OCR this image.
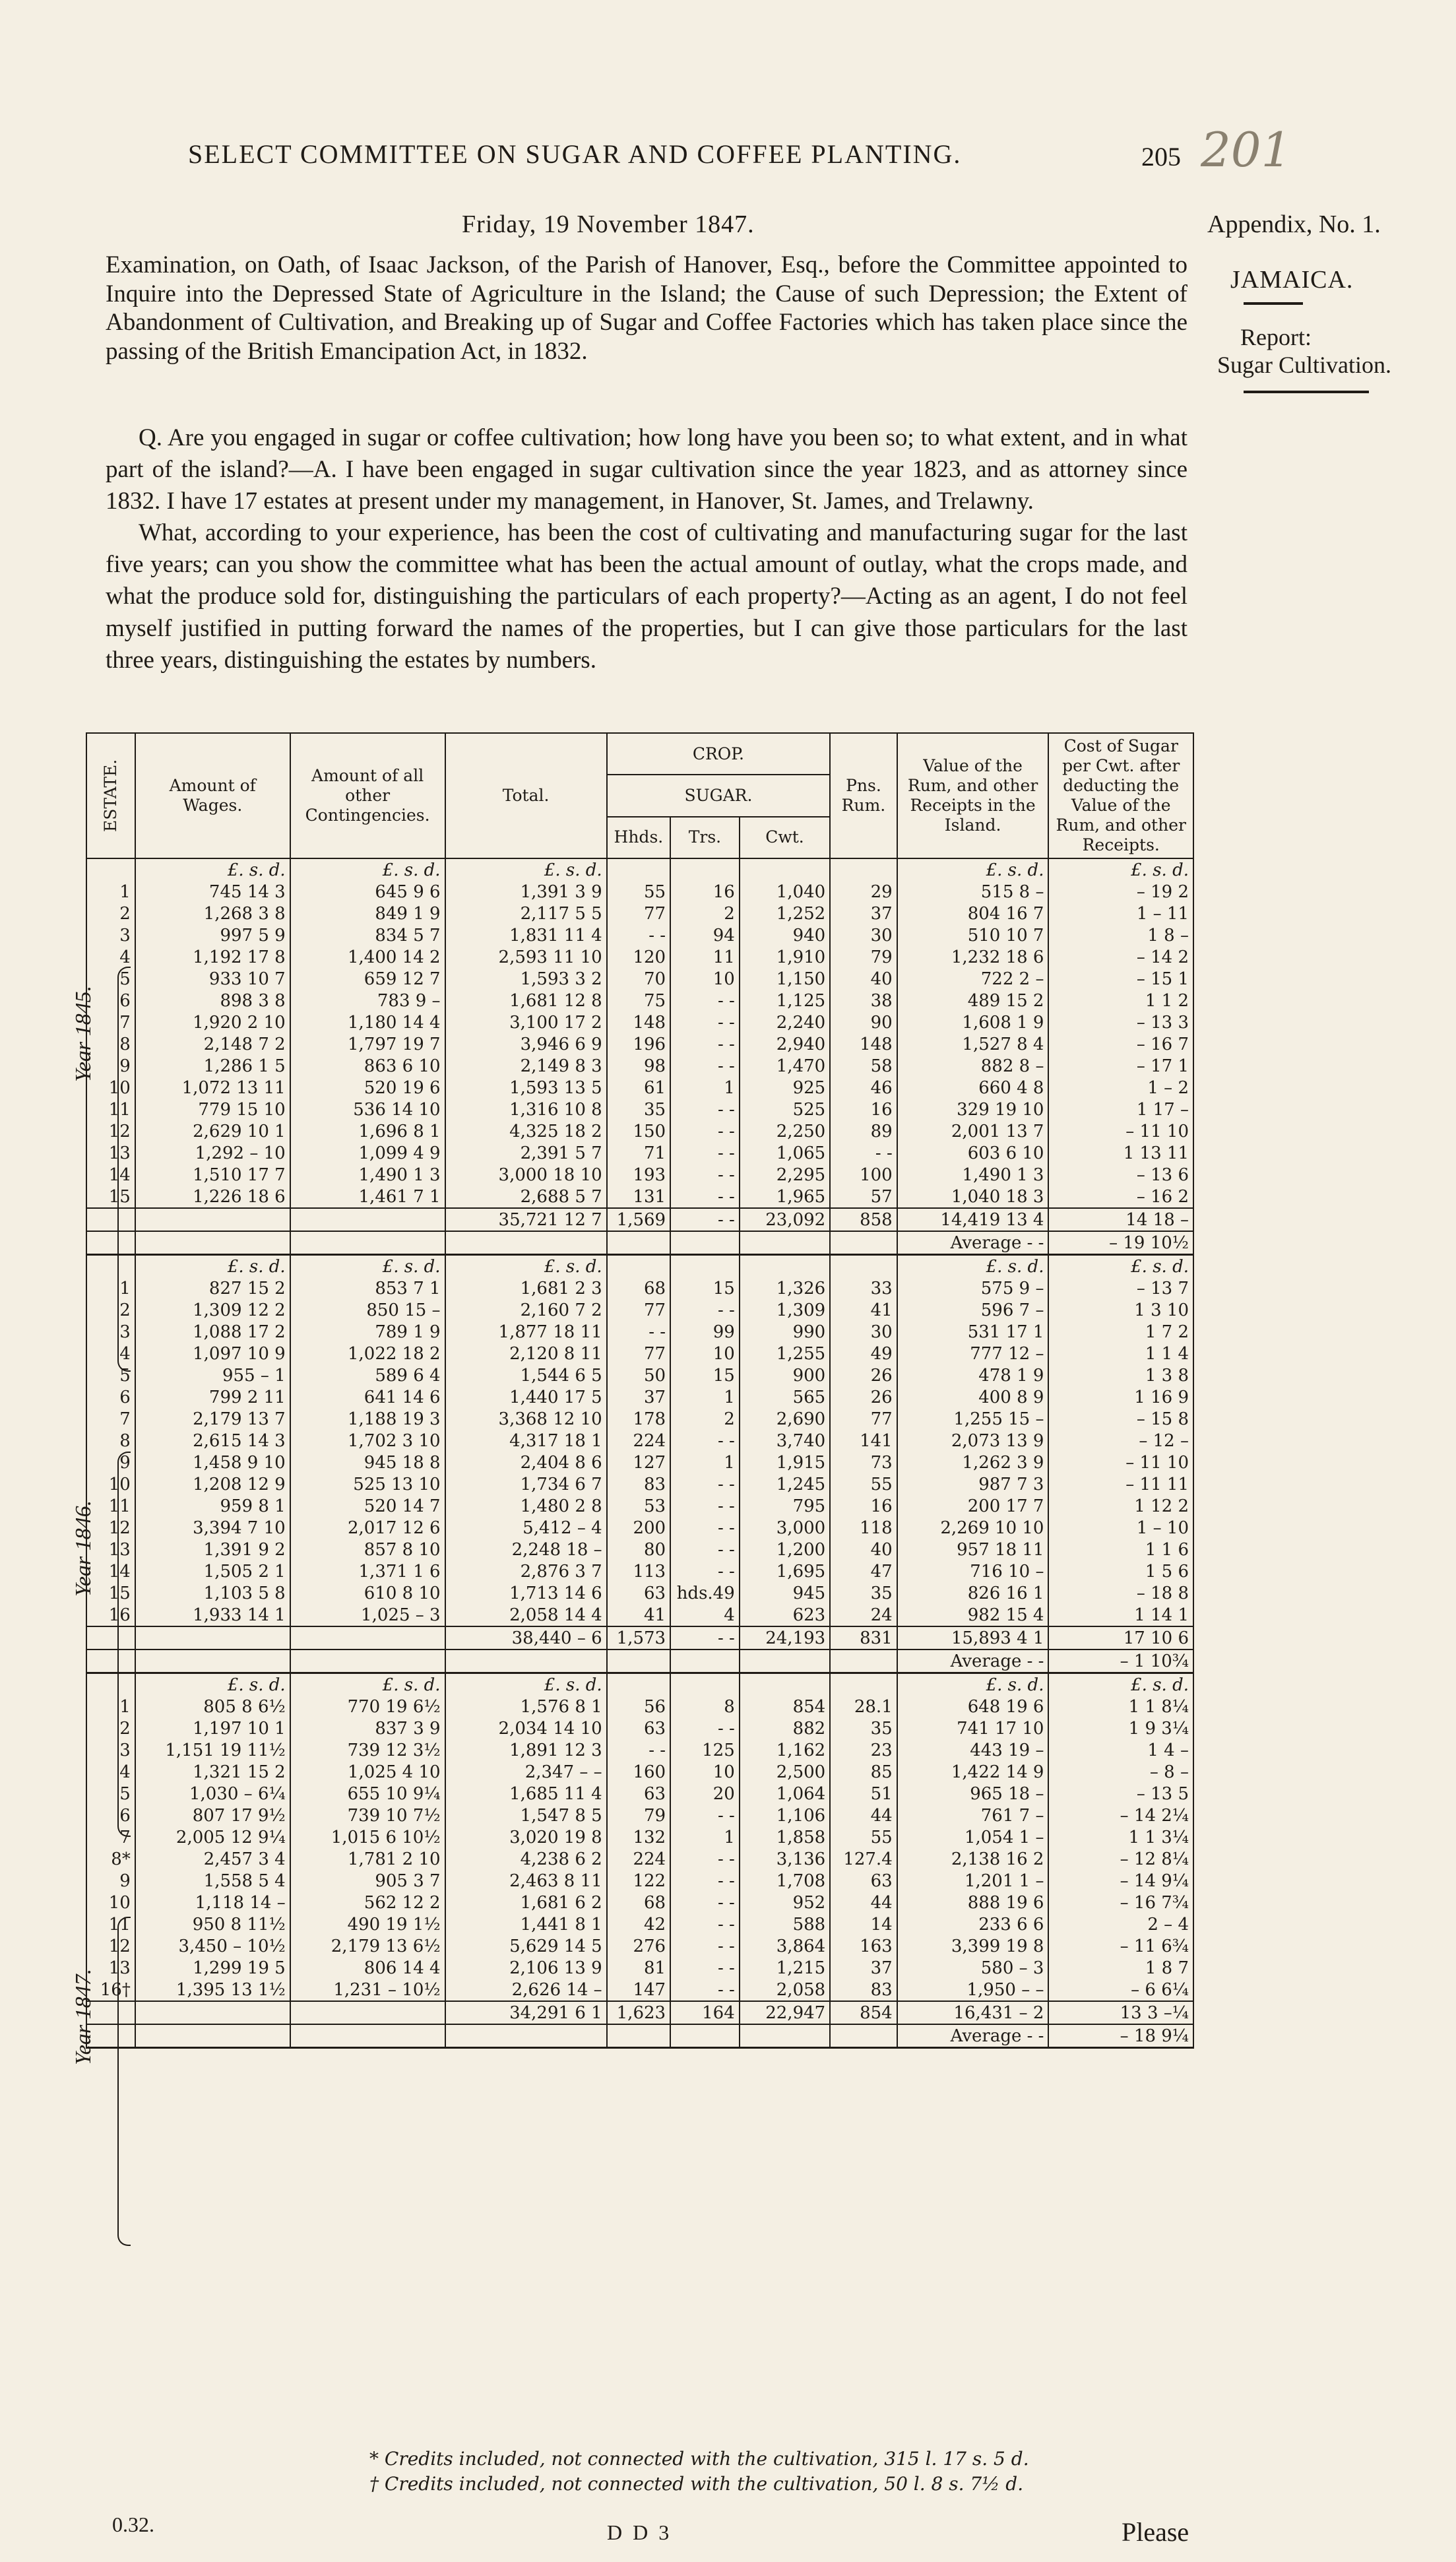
SELECT COMMITTEE ON SUGAR AND COFFEE PLANTING.	205 201
Appendix, No. 1.
JAMAICA.
Report:
Sugar Cultivation.
Friday, 19 November 1847.
Examination, on Oath, of Isaac Jackson, of the Parish of Hanover, Esq., before the Committee appointed to Inquire into the Depressed State of Agriculture in the Island; the Cause of such Depression; the Extent of Abandonment of Cultivation, and Breaking up of Sugar and Coffee Factories which has taken place since the passing of the British Emancipation Act, in 1832.

Q. Are you engaged in sugar or coffee cultivation; how long have you been so; to what extent, and in what part of the island?—A. I have been engaged in sugar cultivation since the year 1823, and as attorney since 1832. I have 17 estates at present under my management, in Hanover, St. James, and Trelawny.

What, according to your experience, has been the cost of cultivating and manufacturing sugar for the last five years; can you show the committee what has been the actual amount of outlay, what the crops made, and what the produce sold for, distinguishing the particulars of each property?—Acting as an agent, I do not feel myself justified in putting forward the names of the properties, but I can give those particulars for the last three years, distinguishing the estates by numbers.

ESTATE.	Amount of Wages.	Amount of all other Contingencies.	Total.	CROP.			Pns. Rum.	Value of the Rum, and other Receipts in the Island.	Cost of Sugar per Cwt. after deducting the Value of the Rum, and other Receipts.
				SUGAR.					
				Hhds.	Trs.	Cwt.			
	£. s. d.	£. s. d.	£. s. d.					£. s. d.	£. s. d.
1	745 14 3	645 9 6	1,391 3 9	55	16	1,040	29	515 8 –	– 19 2
2	1,268 3 8	849 1 9	2,117 5 5	77	2	1,252	37	804 16 7	1 – 11
3	997 5 9	834 5 7	1,831 11 4	- -	94	940	30	510 10 7	1 8 –
4	1,192 17 8	1,400 14 2	2,593 11 10	120	11	1,910	79	1,232 18 6	– 14 2
5	933 10 7	659 12 7	1,593 3 2	70	10	1,150	40	722 2 –	– 15 1
6	898 3 8	783 9 –	1,681 12 8	75	- -	1,125	38	489 15 2	1 1 2
7	1,920 2 10	1,180 14 4	3,100 17 2	148	- -	2,240	90	1,608 1 9	– 13 3
8	2,148 7 2	1,797 19 7	3,946 6 9	196	- -	2,940	148	1,527 8 4	– 16 7
9	1,286 1 5	863 6 10	2,149 8 3	98	- -	1,470	58	882 8 –	– 17 1
10	1,072 13 11	520 19 6	1,593 13 5	61	1	925	46	660 4 8	1 – 2
11	779 15 10	536 14 10	1,316 10 8	35	- -	525	16	329 19 10	1 17 –
12	2,629 10 1	1,696 8 1	4,325 18 2	150	- -	2,250	89	2,001 13 7	– 11 10
13	1,292 – 10	1,099 4 9	2,391 5 7	71	- -	1,065	- -	603 6 10	1 13 11
14	1,510 17 7	1,490 1 3	3,000 18 10	193	- -	2,295	100	1,490 1 3	– 13 6
15	1,226 18 6	1,461 7 1	2,688 5 7	131	- -	1,965	57	1,040 18 3	– 16 2
			35,721 12 7	1,569	- -	23,092	858	14,419 13 4	14 18 –
								Average - -	– 19 10½
	£. s. d.	£. s. d.	£. s. d.					£. s. d.	£. s. d.
1	827 15 2	853 7 1	1,681 2 3	68	15	1,326	33	575 9 –	– 13 7
2	1,309 12 2	850 15 –	2,160 7 2	77	- -	1,309	41	596 7 –	1 3 10
3	1,088 17 2	789 1 9	1,877 18 11	- -	99	990	30	531 17 1	1 7 2
4	1,097 10 9	1,022 18 2	2,120 8 11	77	10	1,255	49	777 12 –	1 1 4
5	955 – 1	589 6 4	1,544 6 5	50	15	900	26	478 1 9	1 3 8
6	799 2 11	641 14 6	1,440 17 5	37	1	565	26	400 8 9	1 16 9
7	2,179 13 7	1,188 19 3	3,368 12 10	178	2	2,690	77	1,255 15 –	– 15 8
8	2,615 14 3	1,702 3 10	4,317 18 1	224	- -	3,740	141	2,073 13 9	– 12 –
9	1,458 9 10	945 18 8	2,404 8 6	127	1	1,915	73	1,262 3 9	– 11 10
10	1,208 12 9	525 13 10	1,734 6 7	83	- -	1,245	55	987 7 3	– 11 11
11	959 8 1	520 14 7	1,480 2 8	53	- -	795	16	200 17 7	1 12 2
12	3,394 7 10	2,017 12 6	5,412 – 4	200	- -	3,000	118	2,269 10 10	1 – 10
13	1,391 9 2	857 8 10	2,248 18 –	80	- -	1,200	40	957 18 11	1 1 6
14	1,505 2 1	1,371 1 6	2,876 3 7	113	- -	1,695	47	716 10 –	1 5 6
15	1,103 5 8	610 8 10	1,713 14 6	63	hds.49	945	35	826 16 1	– 18 8
16	1,933 14 1	1,025 – 3	2,058 14 4	41	4	623	24	982 15 4	1 14 1
			38,440 – 6	1,573	- -	24,193	831	15,893 4 1	17 10 6
								Average - -	– 1 10¾
	£. s. d.	£. s. d.	£. s. d.					£. s. d.	£. s. d.
1	805 8 6½	770 19 6½	1,576 8 1	56	8	854	28.1	648 19 6	1 1 8¼
2	1,197 10 1	837 3 9	2,034 14 10	63	- -	882	35	741 17 10	1 9 3¼
3	1,151 19 11½	739 12 3½	1,891 12 3	- -	125	1,162	23	443 19 –	1 4 –
4	1,321 15 2	1,025 4 10	2,347 – –	160	10	2,500	85	1,422 14 9	– 8 –
5	1,030 – 6¼	655 10 9¼	1,685 11 4	63	20	1,064	51	965 18 –	– 13 5
6	807 17 9½	739 10 7½	1,547 8 5	79	- -	1,106	44	761 7 –	– 14 2¼
7	2,005 12 9¼	1,015 6 10½	3,020 19 8	132	1	1,858	55	1,054 1 –	1 1 3¼
8*	2,457 3 4	1,781 2 10	4,238 6 2	224	- -	3,136	127.4	2,138 16 2	– 12 8¼
9	1,558 5 4	905 3 7	2,463 8 11	122	- -	1,708	63	1,201 1 –	– 14 9¼
10	1,118 14 –	562 12 2	1,681 6 2	68	- -	952	44	888 19 6	– 16 7¾
11	950 8 11½	490 19 1½	1,441 8 1	42	- -	588	14	233 6 6	2 – 4
12	3,450 – 10½	2,179 13 6½	5,629 14 5	276	- -	3,864	163	3,399 19 8	– 11 6¾
13	1,299 19 5	806 14 4	2,106 13 9	81	- -	1,215	37	580 – 3	1 8 7
16†	1,395 13 1½	1,231 – 10½	2,626 14 –	147	- -	2,058	83	1,950 – –	– 6 6¼
			34,291 6 1	1,623	164	22,947	854	16,431 – 2	13 3 –¼
								Average - -	– 18 9¼
Year 1845.
Year 1846.
Year 1847.
* Credits included, not connected with the cultivation, 315 l. 17 s. 5 d.
† Credits included, not connected with the cultivation, 50 l. 8 s. 7½ d.
0.32.	D D 3	Please
